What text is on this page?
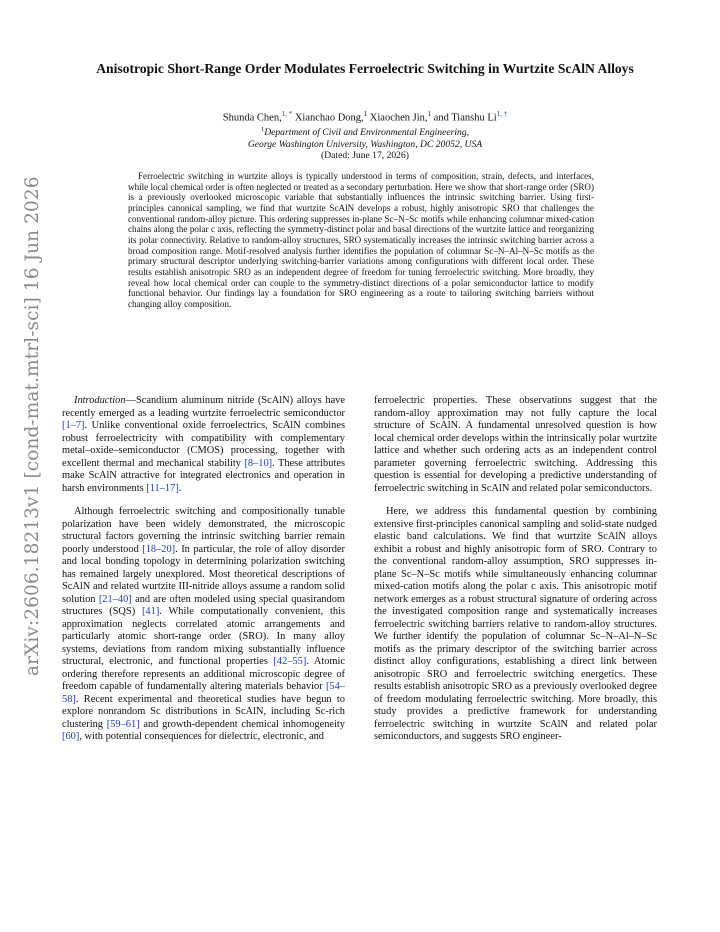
arXiv:2606.18213v1 [cond-mat.mtrl-sci] 16 Jun 2026
Anisotropic Short-Range Order Modulates Ferroelectric Switching in Wurtzite ScAlN Alloys
Shunda Chen,$^{1, *}$ Xianchao Dong,$^1$ Xiaochen Jin,$^1$ and Tianshu $Li^{1, \dagger}$
$^1$Department of Civil and Environmental Engineering,
George Washington University, Washington, DC 20052, USA
(Dated: June 17, 2026)
Ferroelectric switching in wurtzite alloys is typically understood in terms of composition, strain, defects, and interfaces, while local chemical order is often neglected or treated as a secondary perturbation. Here we show that short-range order (SRO) is a previously overlooked microscopic variable that substantially influences the intrinsic switching barrier. Using first-principles canonical sampling, we find that wurtzite ScAlN develops a robust, highly anisotropic SRO that challenges the conventional random-alloy picture. This ordering suppresses in-plane Sc–N–Sc motifs while enhancing columnar mixed-cation chains along the polar c axis, reflecting the symmetry-distinct polar and basal directions of the wurtzite lattice and reorganizing its polar connectivity. Relative to random-alloy structures, SRO systematically increases the intrinsic switching barrier across a broad composition range. Motif-resolved analysis further identifies the population of columnar Sc–N–Al–N–Sc motifs as the primary structural descriptor underlying switching-barrier variations among configurations with different local order. These results establish anisotropic SRO as an independent degree of freedom for tuning ferroelectric switching. More broadly, they reveal how local chemical order can couple to the symmetry-distinct directions of a polar semiconductor lattice to modify functional behavior. Our findings lay a foundation for SRO engineering as a route to tailoring switching barriers without changing alloy composition.

Introduction—Scandium aluminum nitride (ScAlN) alloys have recently emerged as a leading wurtzite ferroelectric semiconductor [1–7]. Unlike conventional oxide ferroelectrics, ScAlN combines robust ferroelectricity with compatibility with complementary metal–oxide–semiconductor (CMOS) processing, together with excellent thermal and mechanical stability [8–10]. These attributes make ScAlN attractive for integrated electronics and operation in harsh environments [11–17].

Although ferroelectric switching and compositionally tunable polarization have been widely demonstrated, the microscopic structural factors governing the intrinsic switching barrier remain poorly understood [18–20]. In particular, the role of alloy disorder and local bonding topology in determining polarization switching has remained largely unexplored. Most theoretical descriptions of ScAlN and related wurtzite III-nitride alloys assume a random solid solution [21–40] and are often modeled using special quasirandom structures (SQS) [41]. While computationally convenient, this approximation neglects correlated atomic arrangements and particularly atomic short-range order (SRO). In many alloy systems, deviations from random mixing substantially influence structural, electronic, and functional properties [42–55]. Atomic ordering therefore represents an additional microscopic degree of freedom capable of fundamentally altering materials behavior [54–58]. Recent experimental and theoretical studies have begun to explore nonrandom Sc distributions in ScAlN, including Sc-rich clustering [59–61] and growth-dependent chemical inhomogeneity [60], with potential consequences for dielectric, electronic, and

ferroelectric properties. These observations suggest that the random-alloy approximation may not fully capture the local structure of ScAlN. A fundamental unresolved question is how local chemical order develops within the intrinsically polar wurtzite lattice and whether such ordering acts as an independent control parameter governing ferroelectric switching. Addressing this question is essential for developing a predictive understanding of ferroelectric switching in ScAlN and related polar semiconductors.

Here, we address this fundamental question by combining extensive first-principles canonical sampling and solid-state nudged elastic band calculations. We find that wurtzite ScAlN alloys exhibit a robust and highly anisotropic form of SRO. Contrary to the conventional random-alloy assumption, SRO suppresses in-plane Sc–N–Sc motifs while simultaneously enhancing columnar mixed-cation motifs along the polar c axis. This anisotropic motif network emerges as a robust structural signature of ordering across the investigated composition range and systematically increases ferroelectric switching barriers relative to random-alloy structures. We further identify the population of columnar Sc–N–Al–N–Sc motifs as the primary descriptor of the switching barrier across distinct alloy configurations, establishing a direct link between anisotropic SRO and ferroelectric switching energetics. These results establish anisotropic SRO as a previously overlooked degree of freedom modulating ferroelectric switching. More broadly, this study provides a predictive framework for understanding ferroelectric switching in wurtzite ScAlN and related polar semiconductors, and suggests SRO engineer-
